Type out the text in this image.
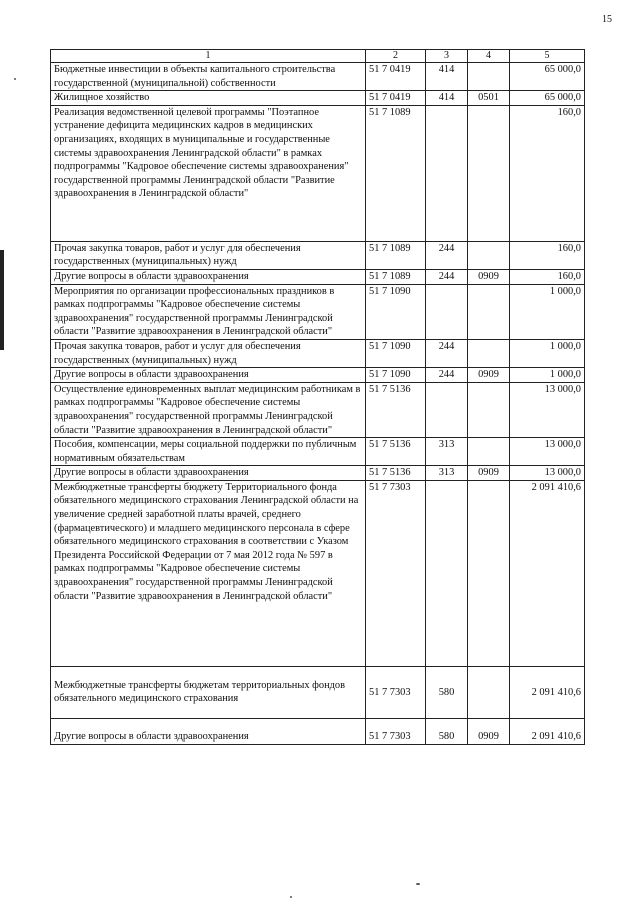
15
1	2	3	4	5
Бюджетные инвестиции в объекты капитального строительства государственной (муниципальной) собственности	51 7 0419	414		65 000,0
Жилищное хозяйство	51 7 0419	414	0501	65 000,0
Реализация ведомственной целевой программы "Поэтапное устранение дефицита медицинских кадров в медицинских организациях, входящих в муниципальные и государственные системы здравоохранения Ленинградской области" в рамках подпрограммы "Кадровое обеспечение системы здравоохранения" государственной программы Ленинградской области "Развитие здравоохранения в Ленинградской области"	51 7 1089			160,0
Прочая закупка товаров, работ и услуг для обеспечения государственных (муниципальных) нужд	51 7 1089	244		160,0
Другие вопросы в области здравоохранения	51 7 1089	244	0909	160,0
Мероприятия по организации профессиональных праздников в рамках подпрограммы "Кадровое обеспечение системы здравоохранения" государственной программы Ленинградской области "Развитие здравоохранения в Ленинградской области"	51 7 1090			1 000,0
Прочая закупка товаров, работ и услуг для обеспечения государственных (муниципальных) нужд	51 7 1090	244		1 000,0
Другие вопросы в области здравоохранения	51 7 1090	244	0909	1 000,0
Осуществление единовременных выплат медицинским работникам в рамках подпрограммы "Кадровое обеспечение системы здравоохранения" государственной программы Ленинградской области "Развитие здравоохранения в Ленинградской области"	51 7 5136			13 000,0
Пособия, компенсации, меры социальной поддержки по публичным нормативным обязательствам	51 7 5136	313		13 000,0
Другие вопросы в области здравоохранения	51 7 5136	313	0909	13 000,0
Межбюджетные трансферты бюджету Территориального фонда обязательного медицинского страхования Ленинградской области на увеличение средней заработной платы врачей, среднего (фармацевтического) и младшего медицинского персонала в сфере обязательного медицинского страхования в соответствии с Указом Президента Российской Федерации от 7 мая 2012 года № 597 в рамках подпрограммы "Кадровое обеспечение системы здравоохранения" государственной программы Ленинградской области "Развитие здравоохранения в Ленинградской области"	51 7 7303			2 091 410,6
Межбюджетные трансферты бюджетам территориальных фондов обязательного медицинского страхования	51 7 7303	580		2 091 410,6
Другие вопросы в области здравоохранения	51 7 7303	580	0909	2 091 410,6
